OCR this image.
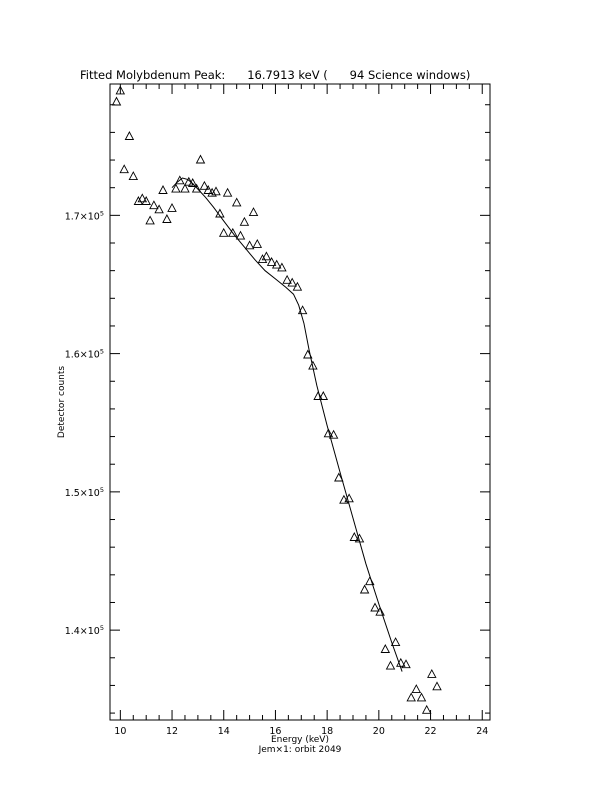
Fitted Molybdenum Peak:      16.7913 keV (      94 Science windows)
10	12	14	16	18	20	22	24
$1.4\times 10^5$
$1.5\times 10^5$
$1.6\times 10^5$
$1.7\times 10^5$
Detector counts
Energy (keV)
Jem×1: orbit 2049
